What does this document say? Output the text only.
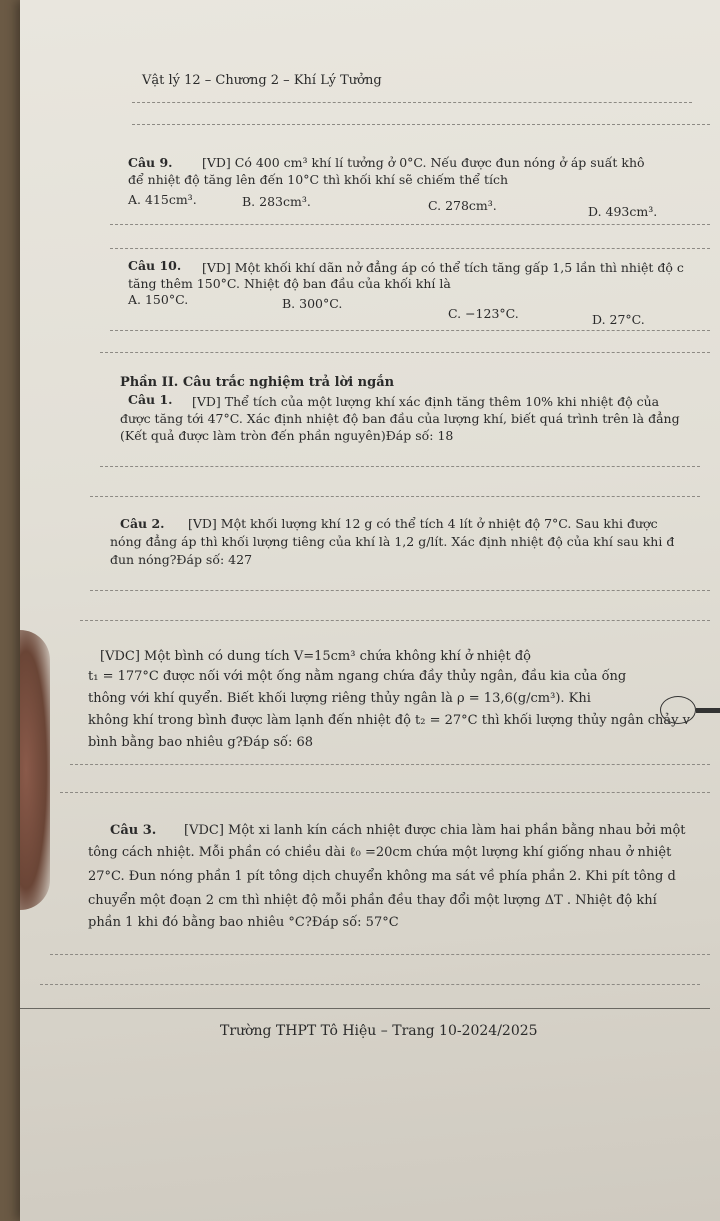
Vật lý 12 – Chương 2 – Khí Lý Tưởng
Câu 9. [VD] Có 400 cm³ khí lí tưởng ở 0°C. Nếu được đun nóng ở áp suất khô
để nhiệt độ tăng lên đến 10°C thì khối khí sẽ chiếm thể tích
A. 415cm³.	B. 283cm³.	C. 278cm³.	D. 493cm³.
Câu 10. [VD] Một khối khí dãn nở đẳng áp có thể tích tăng gấp 1,5 lần thì nhiệt độ c
tăng thêm 150°C. Nhiệt độ ban đầu của khối khí là
A. 150°C.	B. 300°C.
C. −123°C.	D. 27°C.
Phần II. Câu trắc nghiệm trả lời ngắn
Câu 1. [VD] Thể tích của một lượng khí xác định tăng thêm 10% khi nhiệt độ của
được tăng tới 47°C. Xác định nhiệt độ ban đầu của lượng khí, biết quá trình trên là đẳng
(Kết quả được làm tròn đến phần nguyên)Đáp số: 18
Câu 2. [VD] Một khối lượng khí 12 g có thể tích 4 lít ở nhiệt độ 7°C. Sau khi được
nóng đẳng áp thì khối lượng tiêng của khí là 1,2 g/lít. Xác định nhiệt độ của khí sau khi đ
đun nóng?Đáp số: 427
[VDC] Một bình có dung tích V=15cm³ chứa không khí ở nhiệt độ
t₁ = 177°C được nối với một ống nằm ngang chứa đầy thủy ngân, đầu kia của ống
thông với khí quyển. Biết khối lượng riêng thủy ngân là ρ = 13,6(g/cm³). Khi
không khí trong bình được làm lạnh đến nhiệt độ t₂ = 27°C thì khối lượng thủy ngân chảy v
bình bằng bao nhiêu g?Đáp số: 68
Câu 3. [VDC] Một xi lanh kín cách nhiệt được chia làm hai phần bằng nhau bởi một
tông cách nhiệt. Mỗi phần có chiều dài ℓ₀ =20cm chứa một lượng khí giống nhau ở nhiệt
27°C. Đun nóng phần 1 pít tông dịch chuyển không ma sát về phía phần 2. Khi pít tông d
chuyển một đoạn 2 cm thì nhiệt độ mỗi phần đều thay đổi một lượng ΔT . Nhiệt độ khí
phần 1 khi đó bằng bao nhiêu °C?Đáp số: 57°C
Trường THPT Tô Hiệu – Trang 10-2024/2025
